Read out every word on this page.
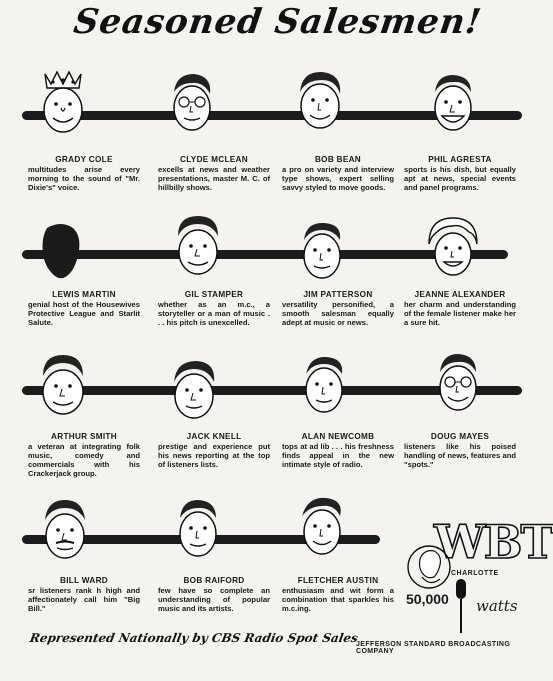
Seasoned Salesmen!
GRADY COLE
multitudes arise every morning to the sound of "Mr. Dixie's" voice.
CLYDE MCLEAN
excells at news and weather presentations, master M. C. of hillbilly shows.
BOB BEAN
a pro on variety and interview type shows, expert selling savvy styled to move goods.
PHIL AGRESTA
sports is his dish, but equally apt at news, special events and panel programs.
LEWIS MARTIN
genial host of the Housewives Protective League and Starlit Salute.
GIL STAMPER
whether as an m.c., a storyteller or a man of music . . . his pitch is unexcelled.
JIM PATTERSON
versatility personified, a smooth salesman equally adept at music or news.
JEANNE ALEXANDER
her charm and understanding of the female listener make her a sure hit.
ARTHUR SMITH
a veteran at integrating folk music, comedy and commercials with his Crackerjack group.
JACK KNELL
prestige and experience put his news reporting at the top of listeners lists.
ALAN NEWCOMB
tops at ad lib . . . his freshness finds appeal in the new intimate style of radio.
DOUG MAYES
listeners like his poised handling of news, features and "spots."
BILL WARD
sr listeners rank h high and affectionately call him "Big Bill."
BOB RAIFORD
few have so complete an understanding of popular music and its artists.
FLETCHER AUSTIN
enthusiasm and wit form a combination that sparkles his m.c.ing.
WBT
CHARLOTTE
50,000 watts
Represented Nationally by CBS Radio Spot Sales
JEFFERSON STANDARD BROADCASTING COMPANY
